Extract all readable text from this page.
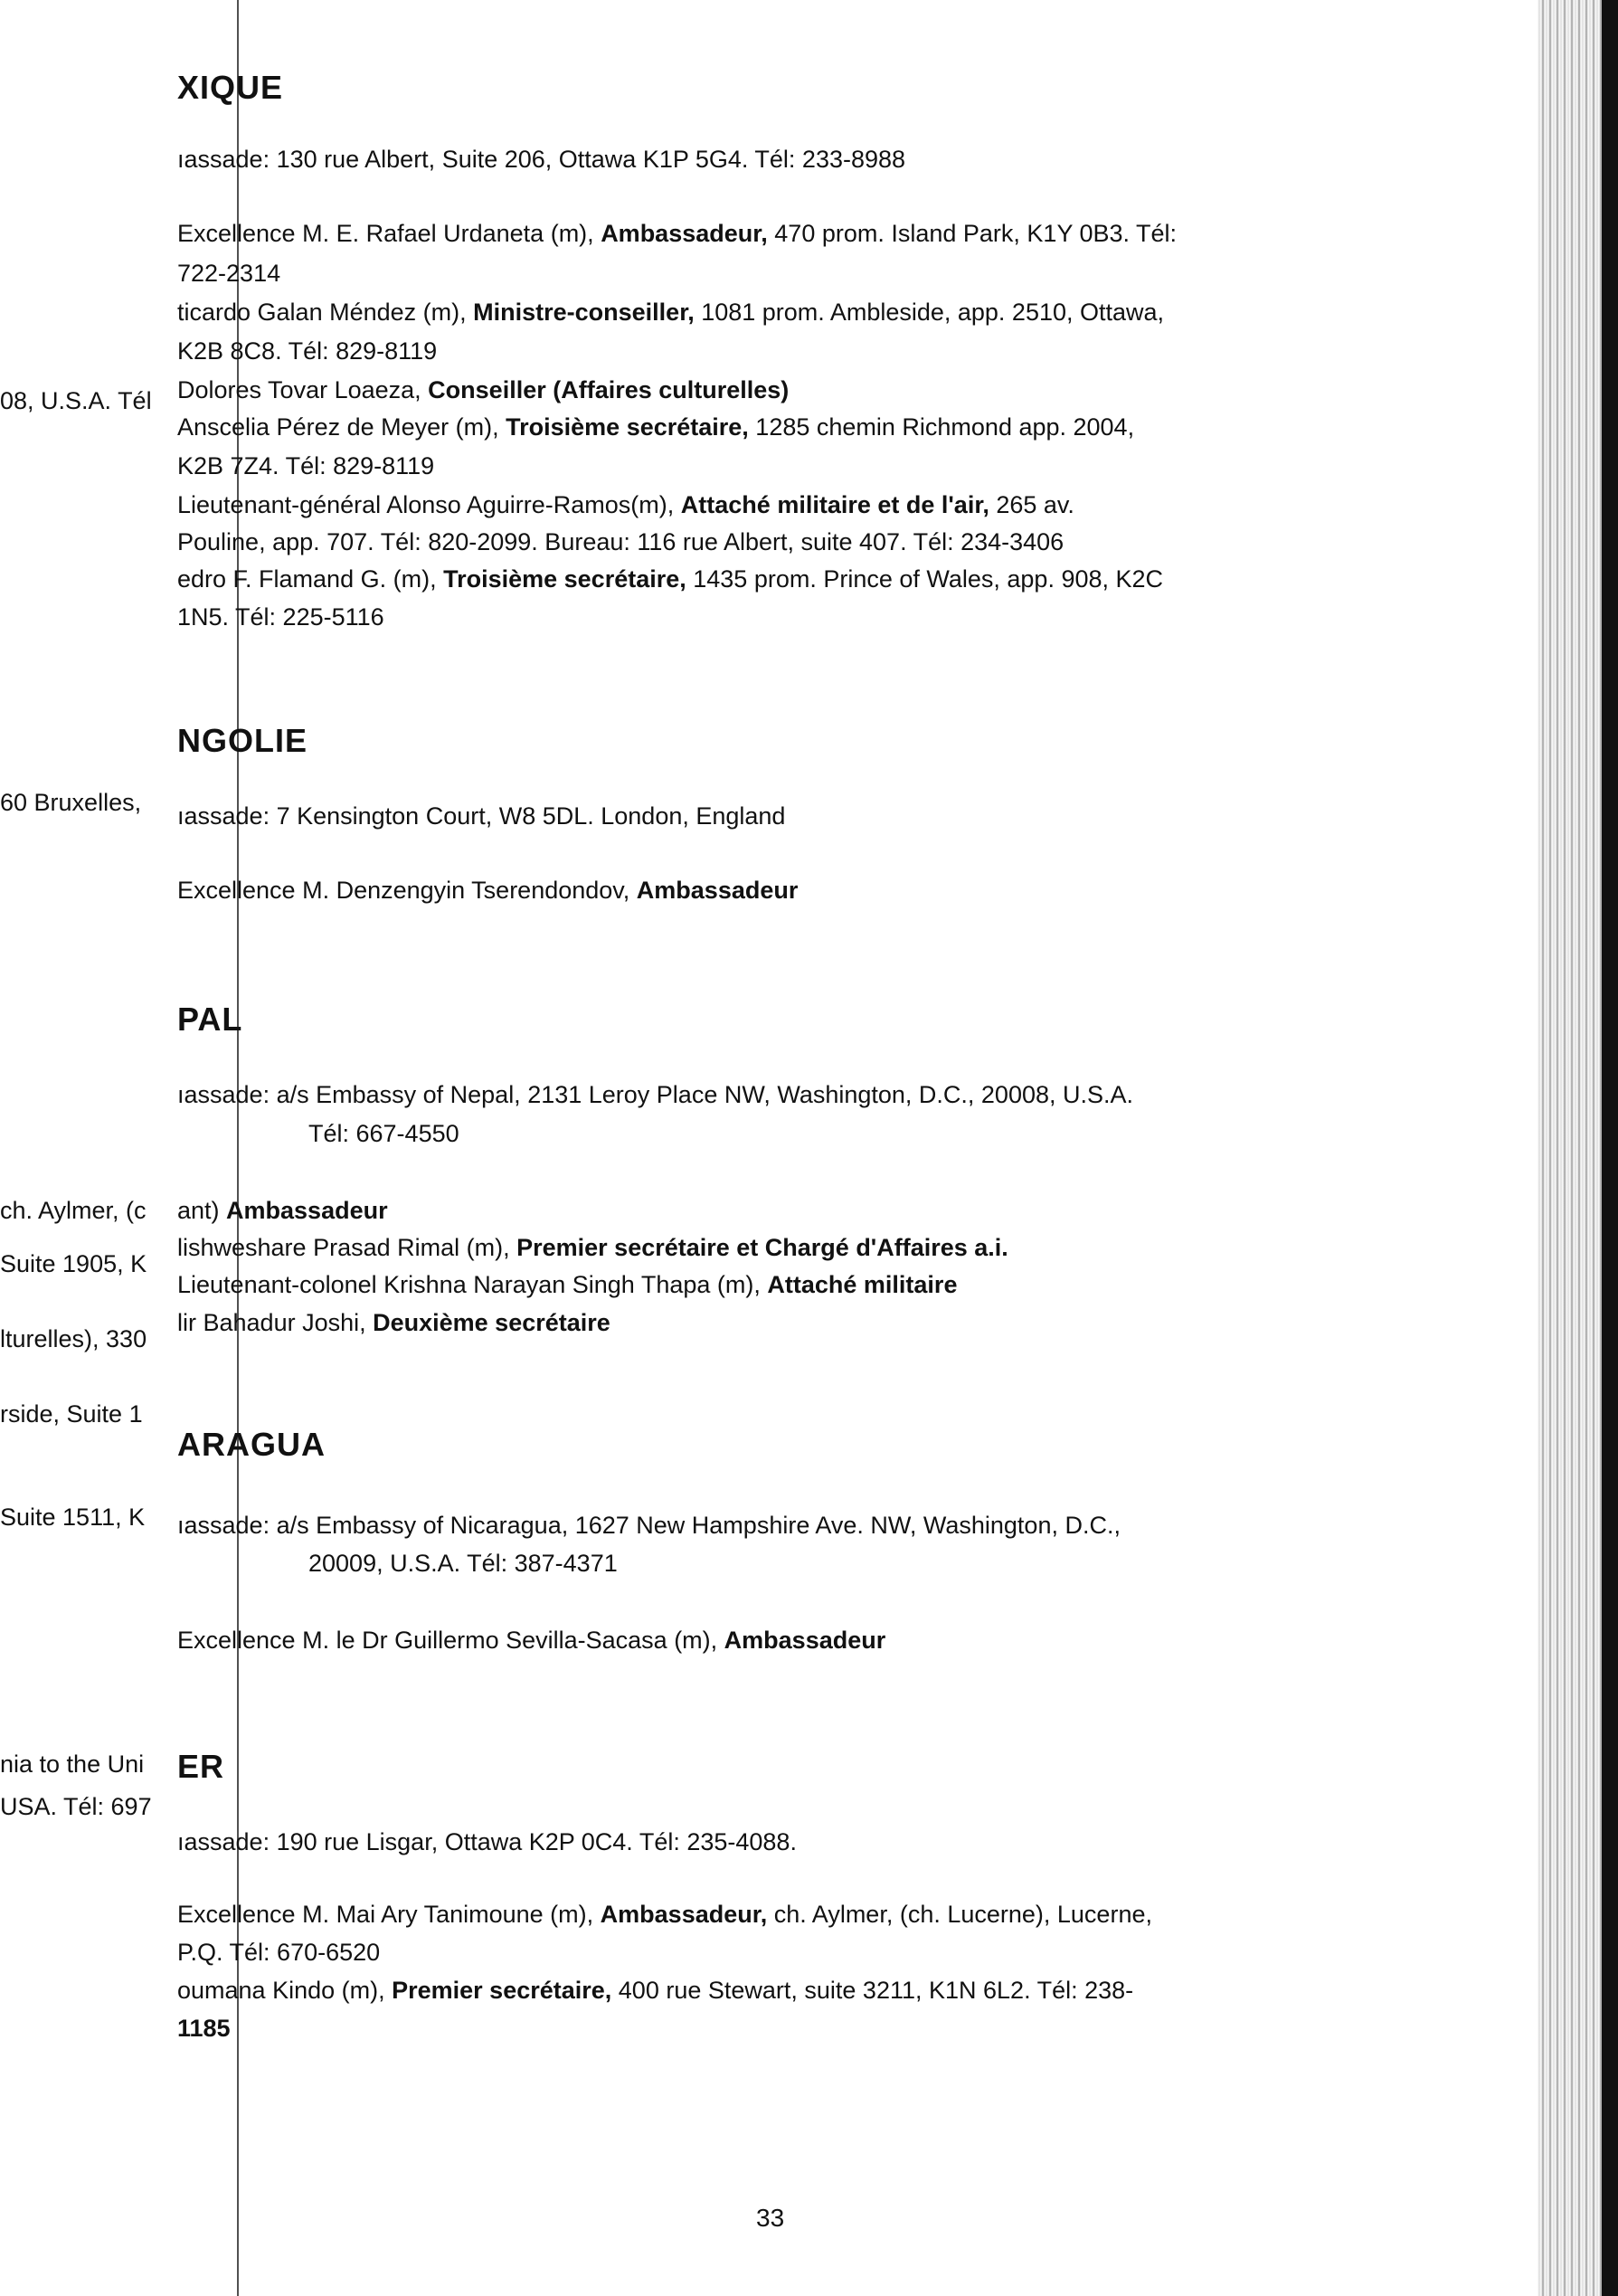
08, U.S.A. Tél
60 Bruxelles,
ch. Aylmer, (c
Suite 1905, K
lturelles), 330
rside, Suite 1
Suite 1511, K
nia to the Uni
USA. Tél: 697
XIQUE
ıassade: 130 rue Albert, Suite 206, Ottawa K1P 5G4. Tél: 233-8988
Excellence M. E. Rafael Urdaneta (m), Ambassadeur, 470 prom. Island Park, K1Y 0B3. Tél:
722-2314
ticardo Galan Méndez (m), Ministre-conseiller, 1081 prom. Ambleside, app. 2510, Ottawa,
K2B 8C8. Tél: 829-8119
Dolores Tovar Loaeza, Conseiller (Affaires culturelles)
Anscelia Pérez de Meyer (m), Troisième secrétaire, 1285 chemin Richmond app. 2004,
K2B 7Z4. Tél: 829-8119
Lieutenant-général Alonso Aguirre-Ramos(m), Attaché militaire et de l'air, 265 av.
Pouline, app. 707. Tél: 820-2099. Bureau: 116 rue Albert, suite 407. Tél: 234-3406
edro F. Flamand G. (m), Troisième secrétaire, 1435 prom. Prince of Wales, app. 908, K2C
1N5. Tél: 225-5116
NGOLIE
ıassade: 7 Kensington Court, W8 5DL. London, England
Excellence M. Denzengyin Tserendondov, Ambassadeur
PAL
ıassade: a/s Embassy of Nepal, 2131 Leroy Place NW, Washington, D.C., 20008, U.S.A.
Tél: 667-4550
ant) Ambassadeur
lishweshare Prasad Rimal (m), Premier secrétaire et Chargé d'Affaires a.i.
Lieutenant-colonel Krishna Narayan Singh Thapa (m), Attaché militaire
lir Bahadur Joshi, Deuxième secrétaire
ARAGUA
ıassade: a/s Embassy of Nicaragua, 1627 New Hampshire Ave. NW, Washington, D.C.,
20009, U.S.A. Tél: 387-4371
Excellence M. le Dr Guillermo Sevilla-Sacasa (m), Ambassadeur
ER
ıassade: 190 rue Lisgar, Ottawa K2P 0C4. Tél: 235-4088.
Excellence M. Mai Ary Tanimoune (m), Ambassadeur, ch. Aylmer, (ch. Lucerne), Lucerne,
P.Q. Tél: 670-6520
oumana Kindo (m), Premier secrétaire, 400 rue Stewart, suite 3211, K1N 6L2. Tél: 238-
1185
33
